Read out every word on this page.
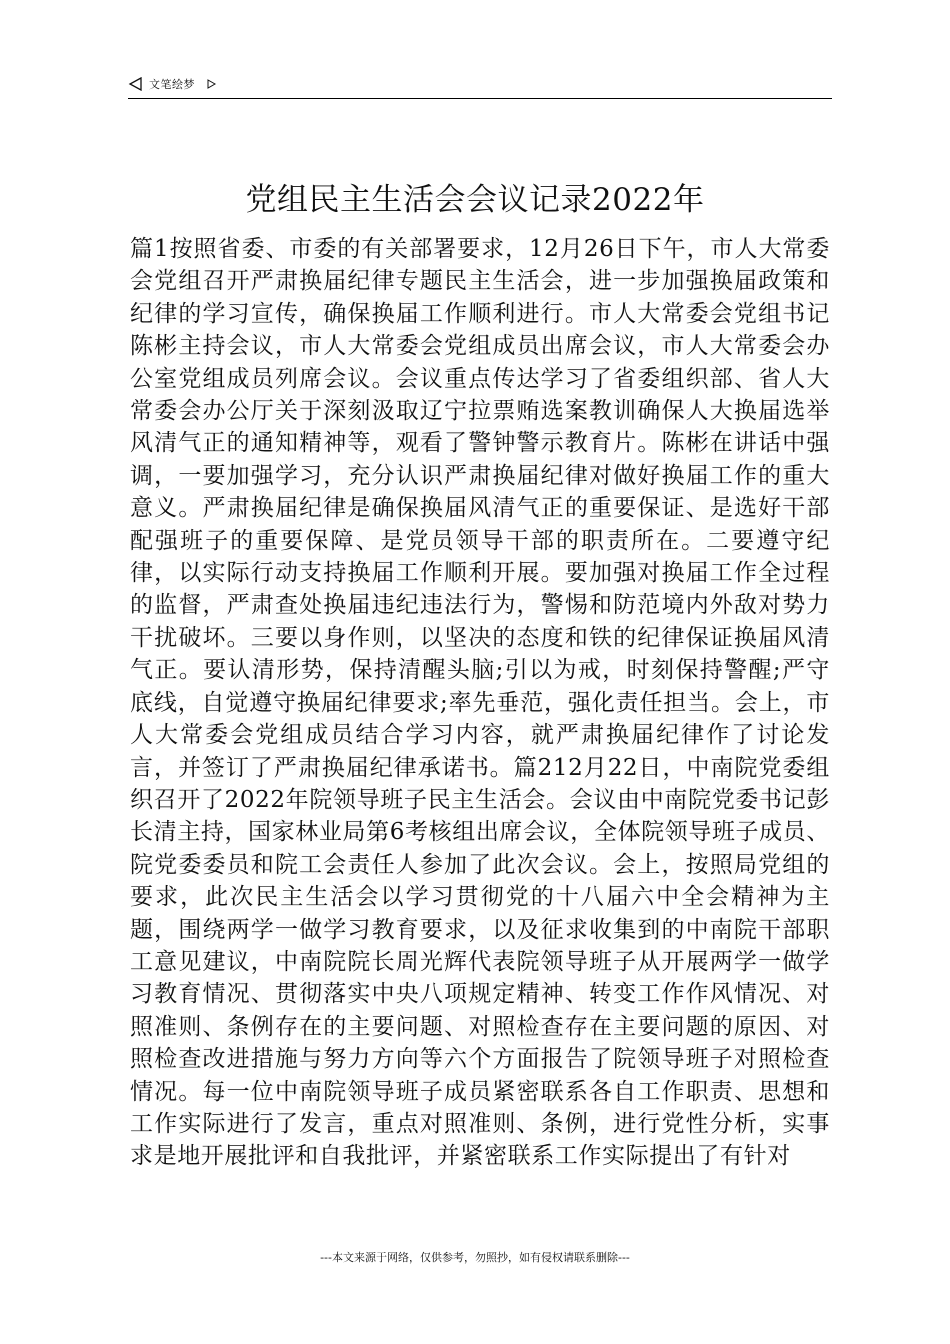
文笔绘梦
党组民主生活会会议记录2022年

篇1按照省委、市委的有关部署要求，12月26日下午，市人大常委会党组召开严肃换届纪律专题民主生活会，进一步加强换届政策和纪律的学习宣传，确保换届工作顺利进行。市人大常委会党组书记陈彬主持会议，市人大常委会党组成员出席会议，市人大常委会办公室党组成员列席会议。会议重点传达学习了省委组织部、省人大常委会办公厅关于深刻汲取辽宁拉票贿选案教训确保人大换届选举风清气正的通知精神等，观看了警钟警示教育片。陈彬在讲话中强调，一要加强学习，充分认识严肃换届纪律对做好换届工作的重大意义。严肃换届纪律是确保换届风清气正的重要保证、是选好干部配强班子的重要保障、是党员领导干部的职责所在。二要遵守纪律，以实际行动支持换届工作顺利开展。要加强对换届工作全过程的监督，严肃查处换届违纪违法行为，警惕和防范境内外敌对势力干扰破坏。三要以身作则，以坚决的态度和铁的纪律保证换届风清气正。要认清形势，保持清醒头脑;引以为戒，时刻保持警醒;严守底线，自觉遵守换届纪律要求;率先垂范，强化责任担当。会上，市人大常委会党组成员结合学习内容，就严肃换届纪律作了讨论发言，并签订了严肃换届纪律承诺书。篇212月22日，中南院党委组织召开了2022年院领导班子民主生活会。会议由中南院党委书记彭长清主持，国家林业局第6考核组出席会议，全体院领导班子成员、院党委委员和院工会责任人参加了此次会议。会上，按照局党组的要求，此次民主生活会以学习贯彻党的十八届六中全会精神为主题，围绕两学一做学习教育要求，以及征求收集到的中南院干部职工意见建议，中南院院长周光辉代表院领导班子从开展两学一做学习教育情况、贯彻落实中央八项规定精神、转变工作作风情况、对照准则、条例存在的主要问题、对照检查存在主要问题的原因、对照检查改进措施与努力方向等六个方面报告了院领导班子对照检查情况。每一位中南院领导班子成员紧密联系各自工作职责、思想和工作实际进行了发言，重点对照准则、条例，进行党性分析，实事求是地开展批评和自我批评，并紧密联系工作实际提出了有针对

---本文来源于网络，仅供参考，勿照抄，如有侵权请联系删除---
